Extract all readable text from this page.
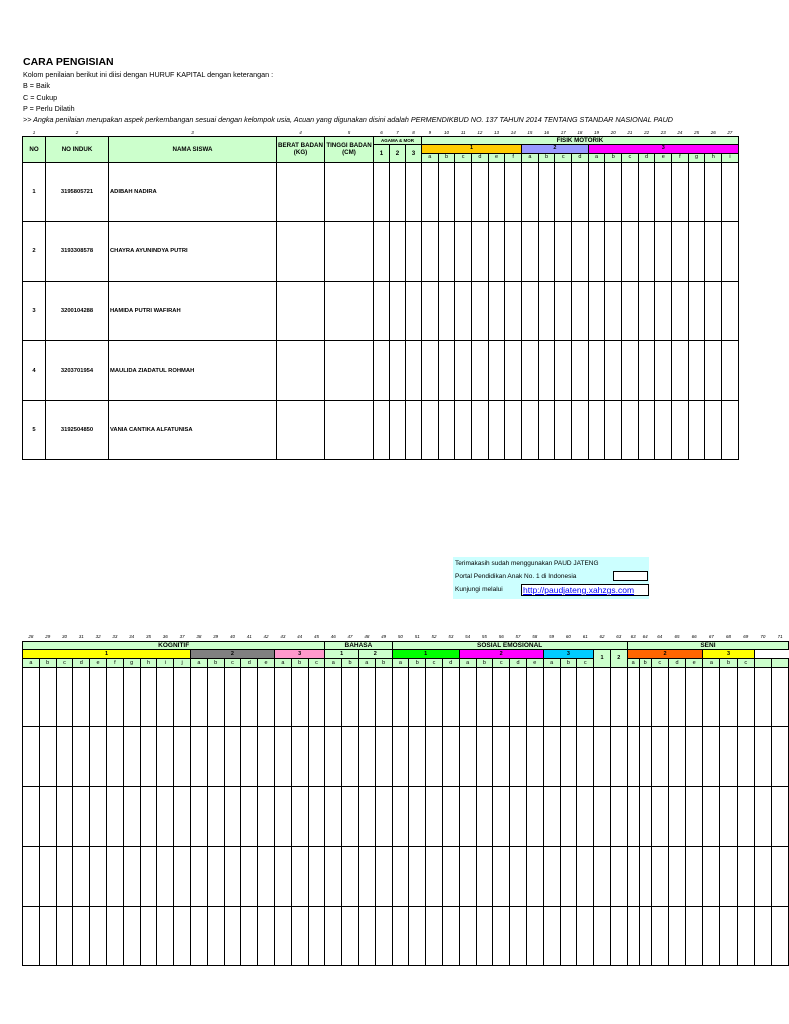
CARA PENGISIAN
Kolom penilaian berikut ini diisi dengan HURUF KAPITAL dengan keterangan :
B = Baik
C = Cukup
P = Perlu Dilatih
>> Angka penilaian merupakan aspek perkembangan sesuai dengan kelompok usia, Acuan yang digunakan disini adalah PERMENDIKBUD NO. 137 TAHUN 2014 TENTANG STANDAR NASIONAL PAUD
1	2	3	4	5	6	7	8	9	10	11	12	13	14	15	16	17	18	19	20	21	22	23	24	25	26	27
NO	NO INDUK	NAMA SISWA	BERAT BADAN (KG)	TINGGI BADAN (CM)	AGAMA & MOR			FISIK MOTORIK																		
					1	2	3	1						2				3								
								a	b	c	d	e	f	a	b	c	d	a	b	c	d	e	f	g	h	i
1	3195805721	ADIBAH NADIRA																								
2	3193308578	CHAYRA AYUNINDYA PUTRI																								
3	3200104288	HAMIDA PUTRI WAFIRAH																								
4	3203701954	MAULIDA ZIADATUL ROHMAH																								
5	3192504850	VANIA CANTIKA ALFATUNISA																								
Terimakasih sudah menggunakan PAUD JATENG
Portal Pendidikan Anak No. 1 di Indonesia
Kunjungi melalui http://paudjateng.xahzgs.com
28	29	30	31	32	33	34	35	36	37	38	39	40	41	42	43	44	45	46	47	48	49	50	51	52	53	54	55	56	57	58	59	60	61	62	63	63	64	64	65	66	67	68	69	70	71
KOGNITIF																		BAHASA				SOSIAL EMOSIONAL														SENI									
1										2					3			1		2		1				2					3			1	2	2					3				
a	b	c	d	e	f	g	h	i	j	a	b	c	d	e	a	b	c	a	b	a	b	a	b	c	d	a	b	c	d	e	a	b	c			a	b	c	d	e	a	b	c		
